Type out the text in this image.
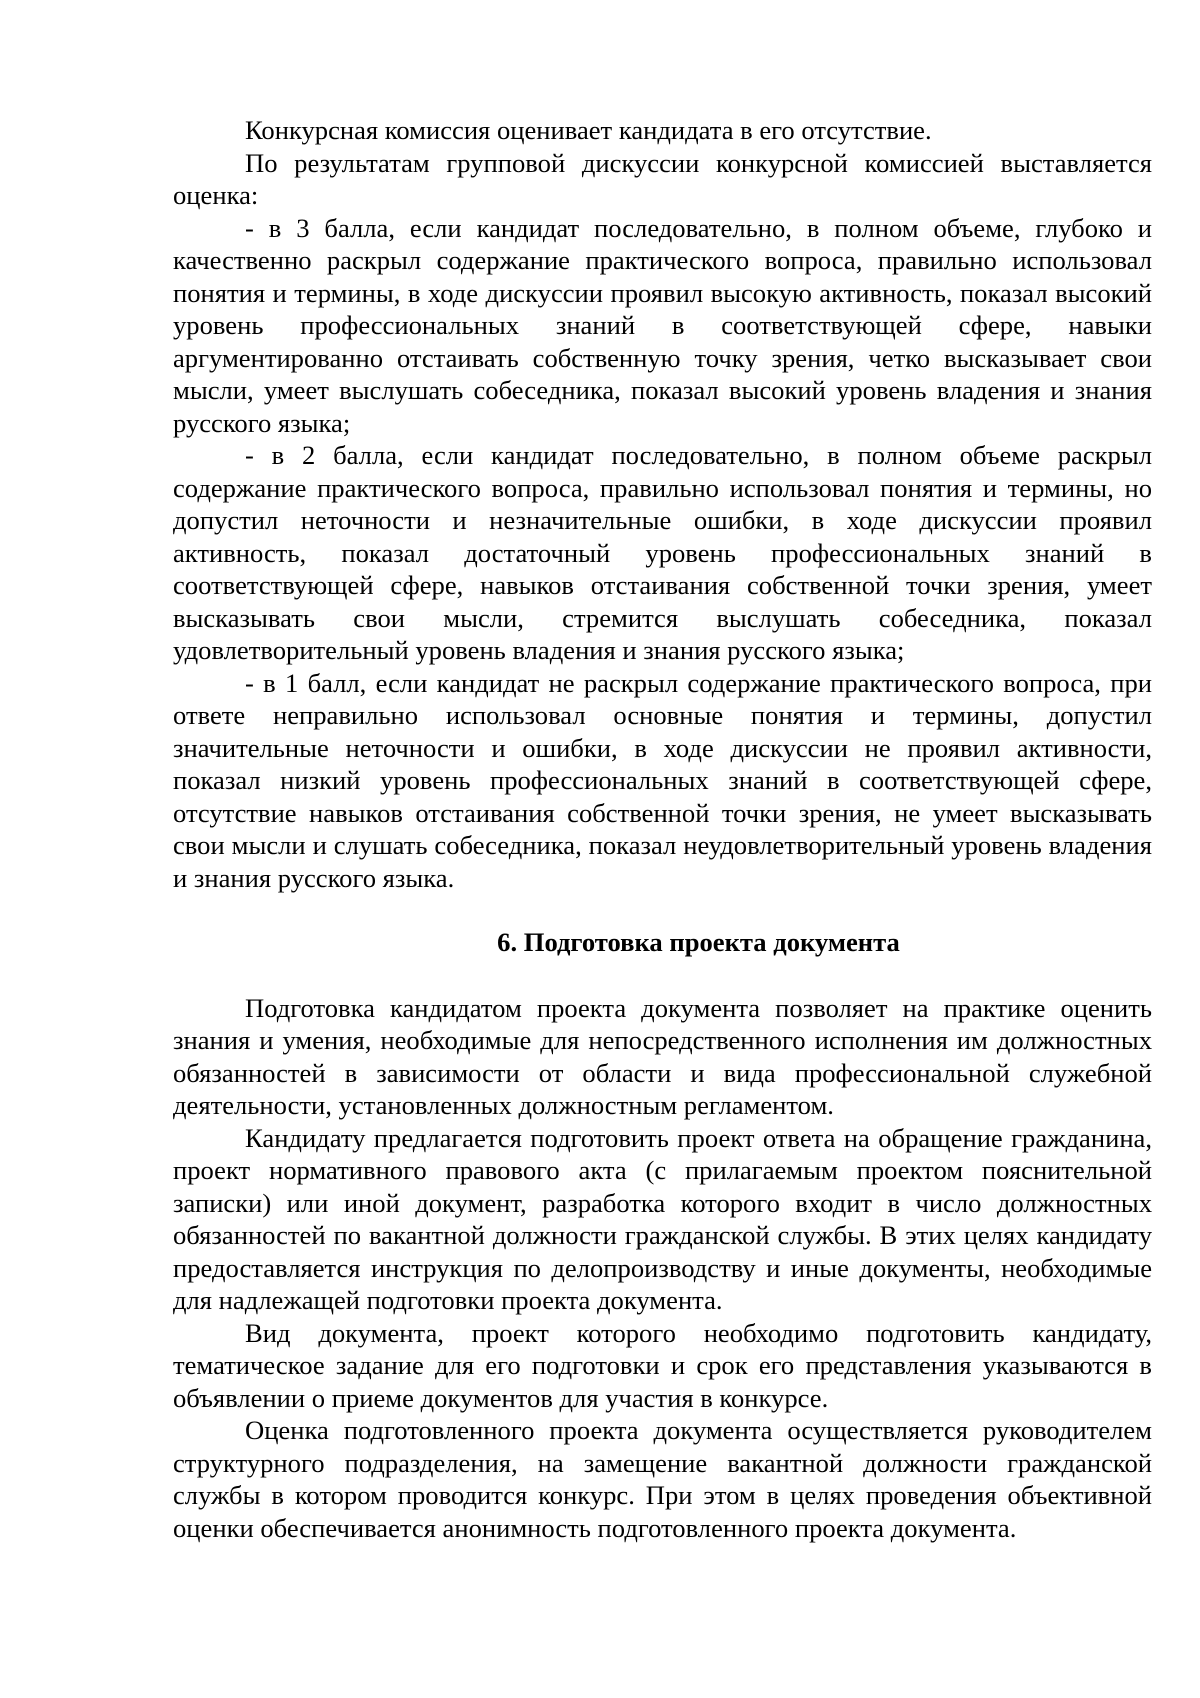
Конкурсная комиссия оценивает кандидата в его отсутствие.

По результатам групповой дискуссии конкурсной комиссией выставляется оценка:

- в 3 балла, если кандидат последовательно, в полном объеме, глубоко и качественно раскрыл содержание практического вопроса, правильно использовал понятия и термины, в ходе дискуссии проявил высокую активность, показал высокий уровень профессиональных знаний в соответствующей сфере, навыки аргументированно отстаивать собственную точку зрения, четко высказывает свои мысли, умеет выслушать собеседника, показал высокий уровень владения и знания русского языка;

- в 2 балла, если кандидат последовательно, в полном объеме раскрыл содержание практического вопроса, правильно использовал понятия и термины, но допустил неточности и незначительные ошибки, в ходе дискуссии проявил активность, показал достаточный уровень профессиональных знаний в соответствующей сфере, навыков отстаивания собственной точки зрения, умеет высказывать свои мысли, стремится выслушать собеседника, показал удовлетворительный уровень владения и знания русского языка;

- в 1 балл, если кандидат не раскрыл содержание практического вопроса, при ответе неправильно использовал основные понятия и термины, допустил значительные неточности и ошибки, в ходе дискуссии не проявил активности, показал низкий уровень профессиональных знаний в соответствующей сфере, отсутствие навыков отстаивания собственной точки зрения, не умеет высказывать свои мысли и слушать собеседника, показал неудовлетворительный уровень владения и знания русского языка.

6. Подготовка проекта документа

Подготовка кандидатом проекта документа позволяет на практике оценить знания и умения, необходимые для непосредственного исполнения им должностных обязанностей в зависимости от области и вида профессиональной служебной деятельности, установленных должностным регламентом.

Кандидату предлагается подготовить проект ответа на обращение гражданина, проект нормативного правового акта (с прилагаемым проектом пояснительной записки) или иной документ, разработка которого входит в число должностных обязанностей по вакантной должности гражданской службы. В этих целях кандидату предоставляется инструкция по делопроизводству и иные документы, необходимые для надлежащей подготовки проекта документа.

Вид документа, проект которого необходимо подготовить кандидату, тематическое задание для его подготовки и срок его представления указываются в объявлении о приеме документов для участия в конкурсе.

Оценка подготовленного проекта документа осуществляется руководителем структурного подразделения, на замещение вакантной должности гражданской службы в котором проводится конкурс. При этом в целях проведения объективной оценки обеспечивается анонимность подготовленного проекта документа.
